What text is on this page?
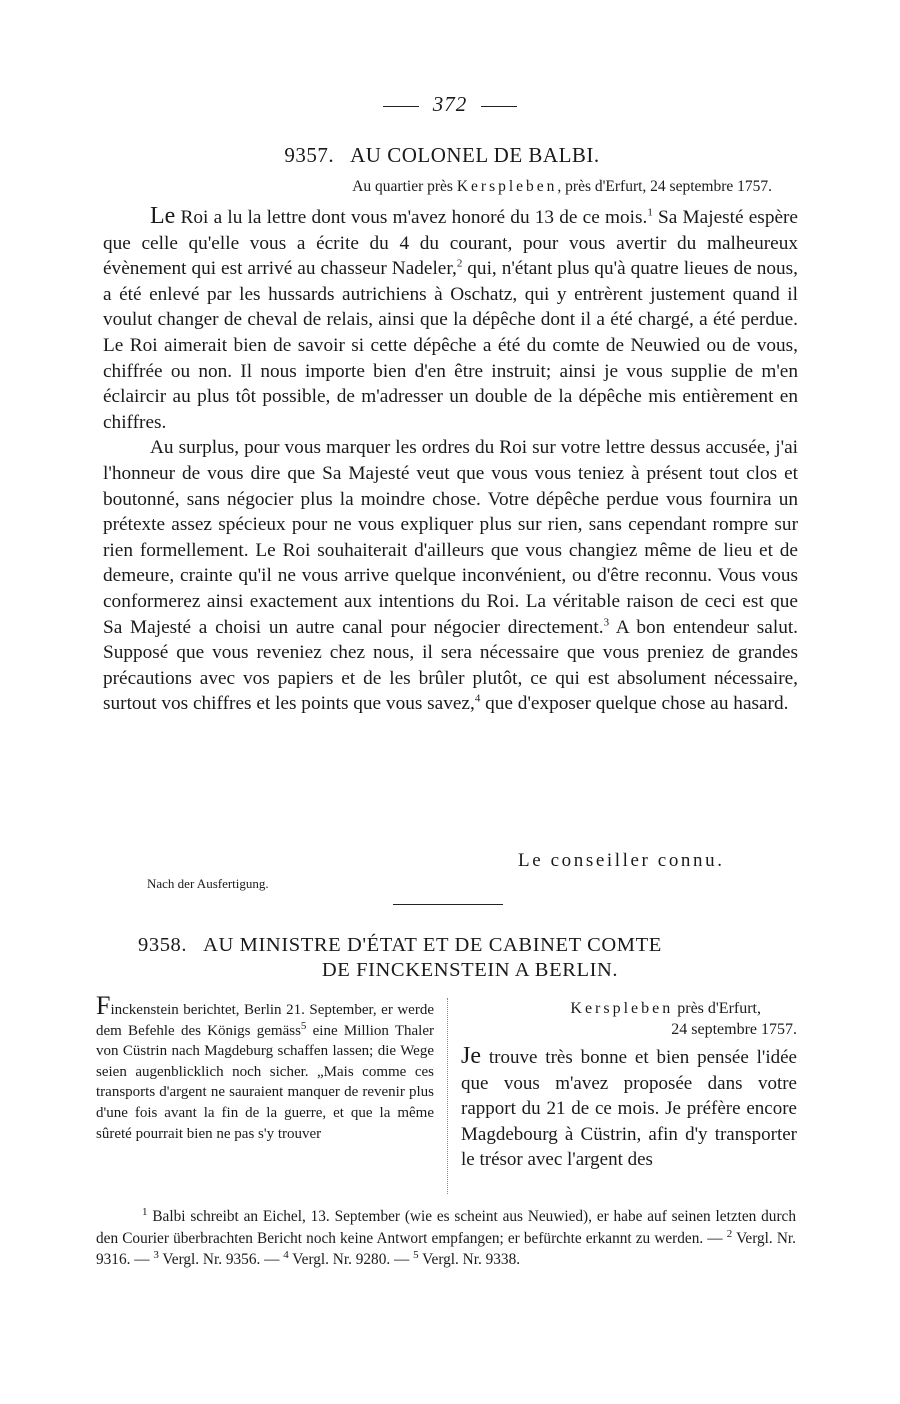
372
9357. AU COLONEL DE BALBI.
Au quartier près Kerspleben, près d'Erfurt, 24 septembre 1757.

Le Roi a lu la lettre dont vous m'avez honoré du 13 de ce mois.$^1$ Sa Majesté espère que celle qu'elle vous a écrite du 4 du courant, pour vous avertir du malheureux évènement qui est arrivé au chasseur Nadeler,$^2$ qui, n'étant plus qu'à quatre lieues de nous, a été enlevé par les hussards autrichiens à Oschatz, qui y entrèrent justement quand il voulut changer de cheval de relais, ainsi que la dépêche dont il a été chargé, a été perdue. Le Roi aimerait bien de savoir si cette dépêche a été du comte de Neuwied ou de vous, chiffrée ou non. Il nous importe bien d'en être instruit; ainsi je vous supplie de m'en éclaircir au plus tôt possible, de m'adresser un double de la dépêche mis entièrement en chiffres.

Au surplus, pour vous marquer les ordres du Roi sur votre lettre dessus accusée, j'ai l'honneur de vous dire que Sa Majesté veut que vous vous teniez à présent tout clos et boutonné, sans négocier plus la moindre chose. Votre dépêche perdue vous fournira un prétexte assez spécieux pour ne vous expliquer plus sur rien, sans cependant rompre sur rien formellement. Le Roi souhaiterait d'ailleurs que vous changiez même de lieu et de demeure, crainte qu'il ne vous arrive quelque inconvénient, ou d'être reconnu. Vous vous conformerez ainsi exactement aux intentions du Roi. La véritable raison de ceci est que Sa Majesté a choisi un autre canal pour négocier directement.$^3$ A bon entendeur salut. Supposé que vous reveniez chez nous, il sera nécessaire que vous preniez de grandes précautions avec vos papiers et de les brûler plutôt, ce qui est absolument nécessaire, surtout vos chiffres et les points que vous savez,$^4$ que d'exposer quelque chose au hasard.

Le conseiller connu.
Nach der Ausfertigung.
9358. AU MINISTRE D'ÉTAT ET DE CABINET COMTE
DE FINCKENSTEIN A BERLIN.
Finckenstein berichtet, Berlin 21. September, er werde dem Befehle des Königs gemäss$^5$ eine Million Thaler von Cüstrin nach Magdeburg schaffen lassen; die Wege seien augenblicklich noch sicher. „Mais comme ces transports d'argent ne sauraient manquer de revenir plus d'une fois avant la fin de la guerre, et que la même sûreté pourrait bien ne pas s'y trouver
Kerspleben près d'Erfurt,
24 septembre 1757.
Je trouve très bonne et bien pensée l'idée que vous m'avez proposée dans votre rapport du 21 de ce mois. Je préfère encore Magdebourg à Cüstrin, afin d'y transporter le trésor avec l'argent des

$^1$ Balbi schreibt an Eichel, 13. September (wie es scheint aus Neuwied), er habe auf seinen letzten durch den Courier überbrachten Bericht noch keine Antwort empfangen; er befürchte erkannt zu werden. — $^2$ Vergl. Nr. 9316. — $^3$ Vergl. Nr. 9356. — $^4$ Vergl. Nr. 9280. — $^5$ Vergl. Nr. 9338.
